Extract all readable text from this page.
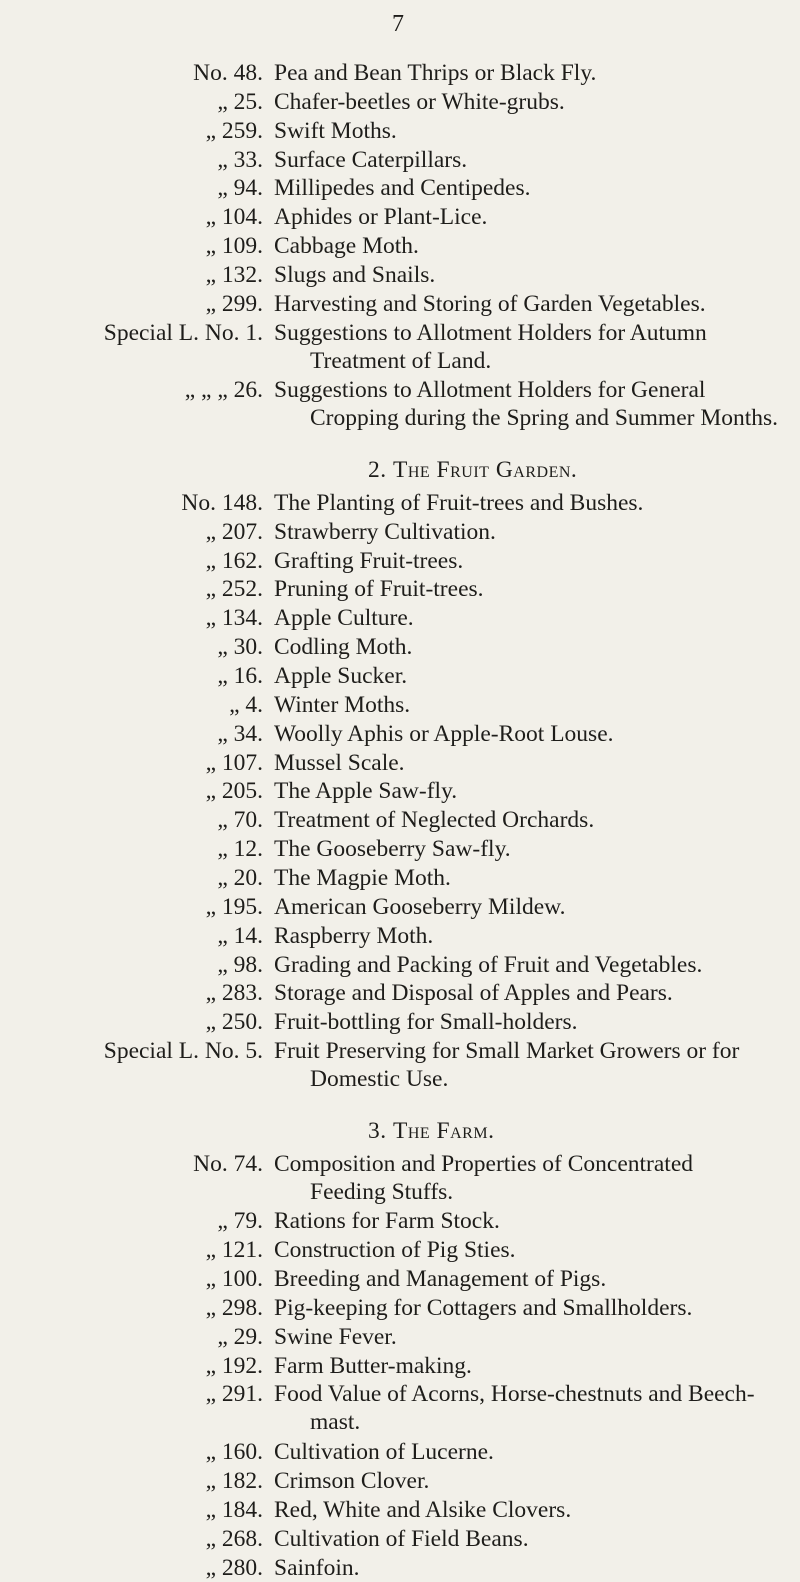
7
No. 48. Pea and Bean Thrips or Black Fly.
„ 25. Chafer-beetles or White-grubs.
„ 259. Swift Moths.
„ 33. Surface Caterpillars.
„ 94. Millipedes and Centipedes.
„ 104. Aphides or Plant-Lice.
„ 109. Cabbage Moth.
„ 132. Slugs and Snails.
„ 299. Harvesting and Storing of Garden Vegetables.
Special L. No. 1. Suggestions to Allotment Holders for Autumn
Treatment of Land.
„ „ „ 26. Suggestions to Allotment Holders for General
Cropping during the Spring and Summer Months.
2. The Fruit Garden.
No. 148. The Planting of Fruit-trees and Bushes.
„ 207. Strawberry Cultivation.
„ 162. Grafting Fruit-trees.
„ 252. Pruning of Fruit-trees.
„ 134. Apple Culture.
„ 30. Codling Moth.
„ 16. Apple Sucker.
„ 4. Winter Moths.
„ 34. Woolly Aphis or Apple-Root Louse.
„ 107. Mussel Scale.
„ 205. The Apple Saw-fly.
„ 70. Treatment of Neglected Orchards.
„ 12. The Gooseberry Saw-fly.
„ 20. The Magpie Moth.
„ 195. American Gooseberry Mildew.
„ 14. Raspberry Moth.
„ 98. Grading and Packing of Fruit and Vegetables.
„ 283. Storage and Disposal of Apples and Pears.
„ 250. Fruit-bottling for Small-holders.
Special L. No. 5. Fruit Preserving for Small Market Growers or for
Domestic Use.
3. The Farm.
No. 74. Composition and Properties of Concentrated
Feeding Stuffs.
„ 79. Rations for Farm Stock.
„ 121. Construction of Pig Sties.
„ 100. Breeding and Management of Pigs.
„ 298. Pig-keeping for Cottagers and Smallholders.
„ 29. Swine Fever.
„ 192. Farm Butter-making.
„ 291. Food Value of Acorns, Horse-chestnuts and Beech-
mast.
„ 160. Cultivation of Lucerne.
„ 182. Crimson Clover.
„ 184. Red, White and Alsike Clovers.
„ 268. Cultivation of Field Beans.
„ 280. Sainfoin.
